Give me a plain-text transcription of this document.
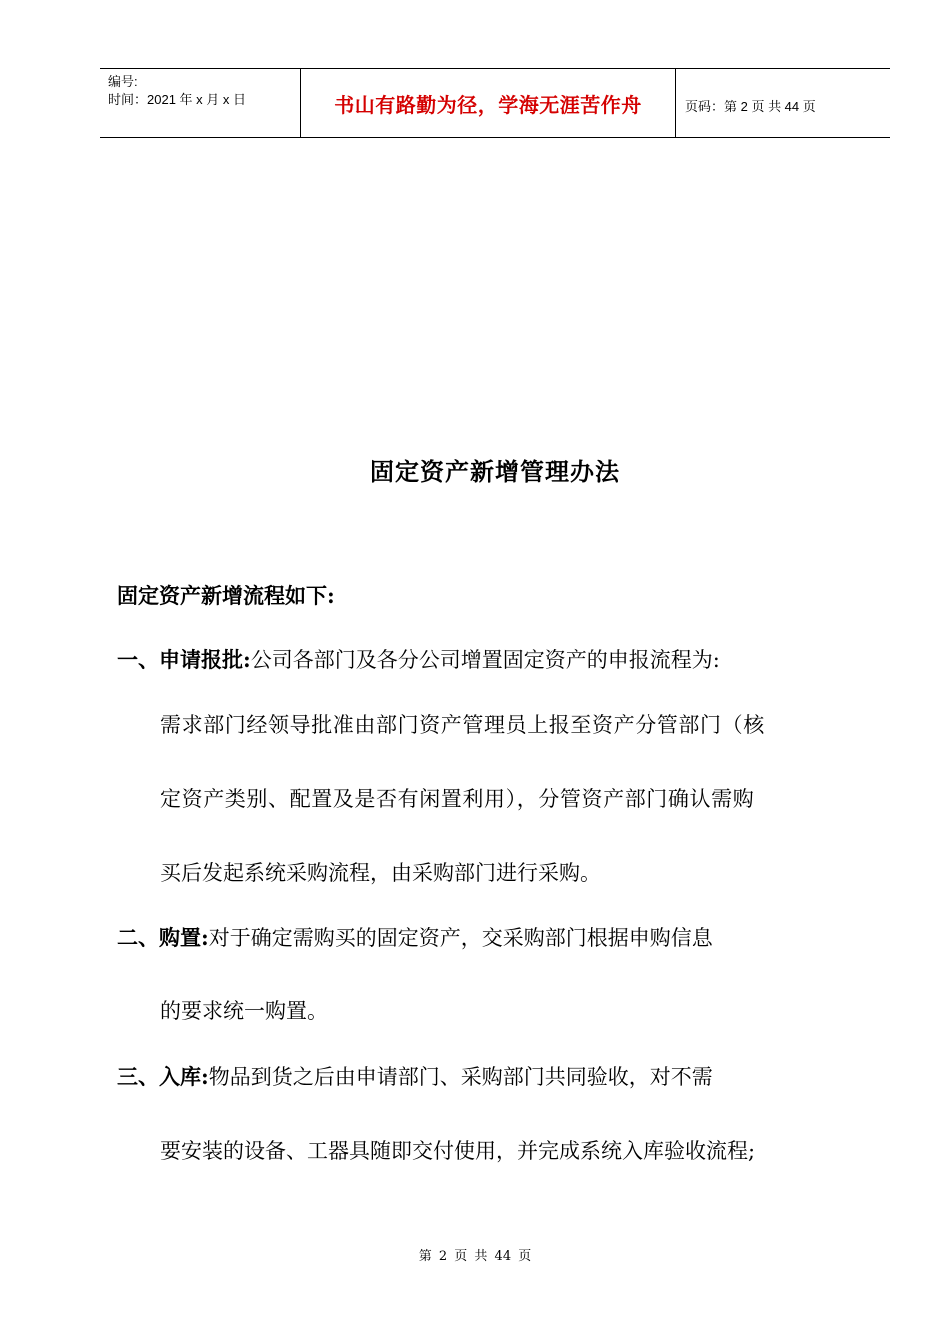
编号:
时间：2021 年 x 月 x 日	书山有路勤为径，学海无涯苦作舟	页码：第 2 页 共 44 页
固定资产新增管理办法
固定资产新增流程如下:
一、申请报批:公司各部门及各分公司增置固定资产的申报流程为:
需求部门经领导批准由部门资产管理员上报至资产分管部门（核
定资产类别、配置及是否有闲置利用），分管资产部门确认需购
买后发起系统采购流程，由采购部门进行采购。
二、购置:对于确定需购买的固定资产，交采购部门根据申购信息
的要求统一购置。
三、入库:物品到货之后由申请部门、采购部门共同验收，对不需
要安装的设备、工器具随即交付使用，并完成系统入库验收流程;
第 2 页 共 44 页
